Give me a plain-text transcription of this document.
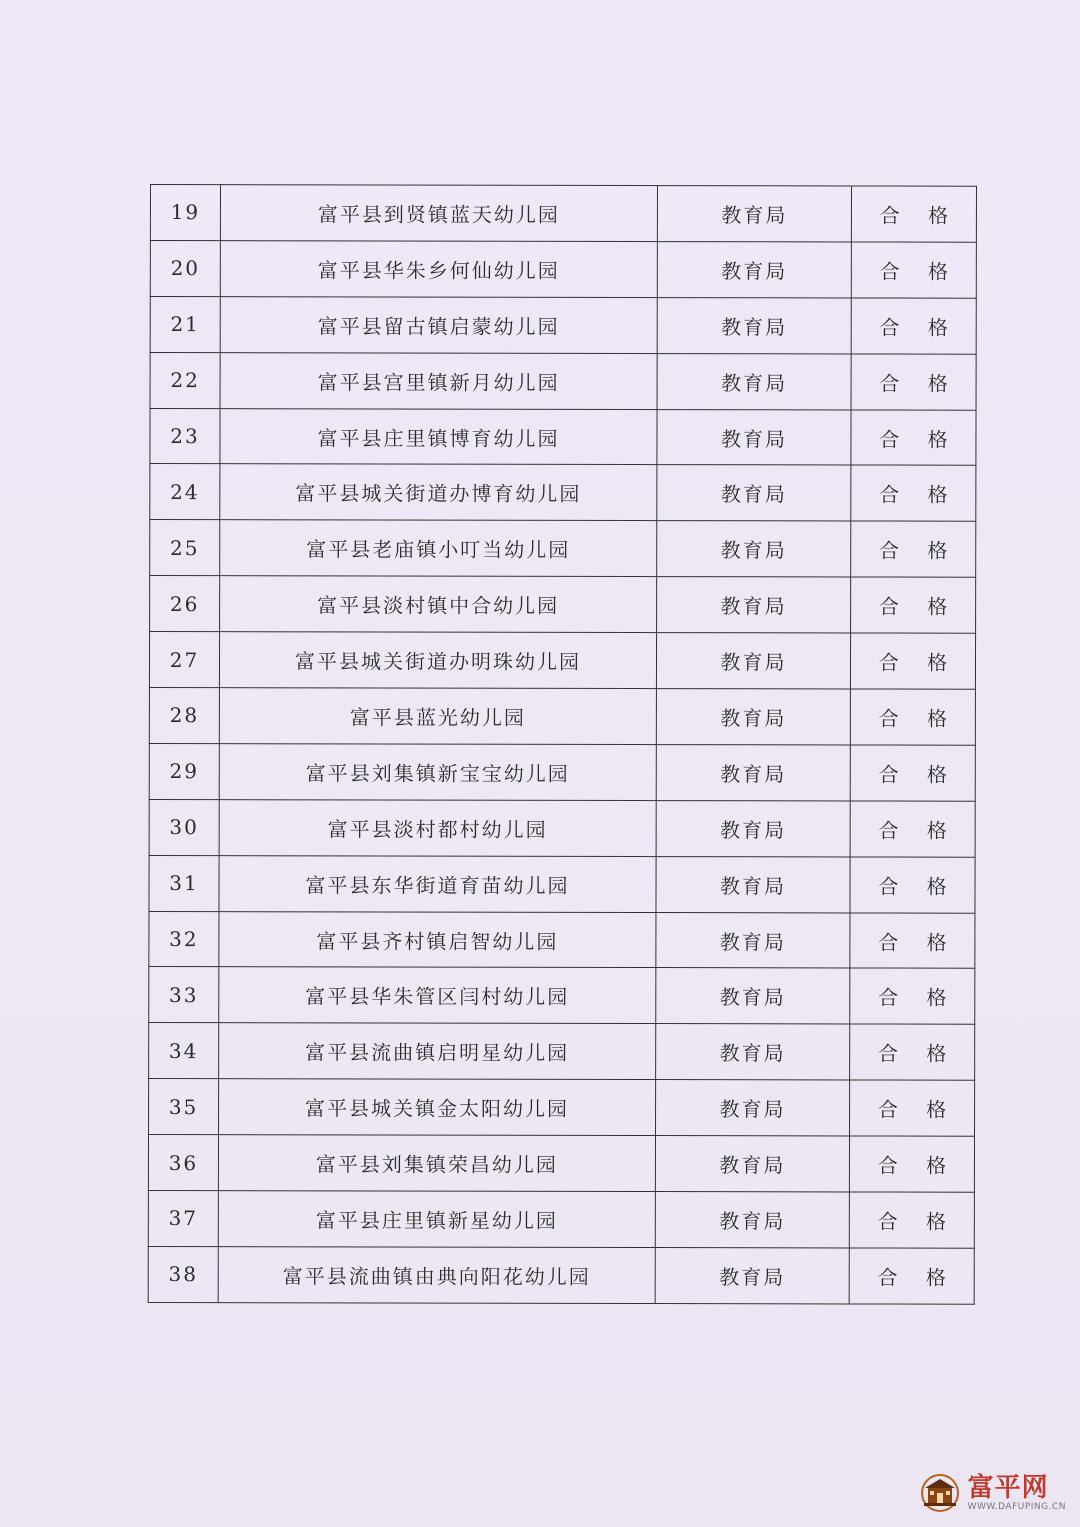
19	富平县到贤镇蓝天幼儿园	教育局	合 格
20	富平县华朱乡何仙幼儿园	教育局	合 格
21	富平县留古镇启蒙幼儿园	教育局	合 格
22	富平县宫里镇新月幼儿园	教育局	合 格
23	富平县庄里镇博育幼儿园	教育局	合 格
24	富平县城关街道办博育幼儿园	教育局	合 格
25	富平县老庙镇小叮当幼儿园	教育局	合 格
26	富平县淡村镇中合幼儿园	教育局	合 格
27	富平县城关街道办明珠幼儿园	教育局	合 格
28	富平县蓝光幼儿园	教育局	合 格
29	富平县刘集镇新宝宝幼儿园	教育局	合 格
30	富平县淡村都村幼儿园	教育局	合 格
31	富平县东华街道育苗幼儿园	教育局	合 格
32	富平县齐村镇启智幼儿园	教育局	合 格
33	富平县华朱管区闫村幼儿园	教育局	合 格
34	富平县流曲镇启明星幼儿园	教育局	合 格
35	富平县城关镇金太阳幼儿园	教育局	合 格
36	富平县刘集镇荣昌幼儿园	教育局	合 格
37	富平县庄里镇新星幼儿园	教育局	合 格
38	富平县流曲镇由典向阳花幼儿园	教育局	合 格
富平网
WWW.DAFUPING.CN
